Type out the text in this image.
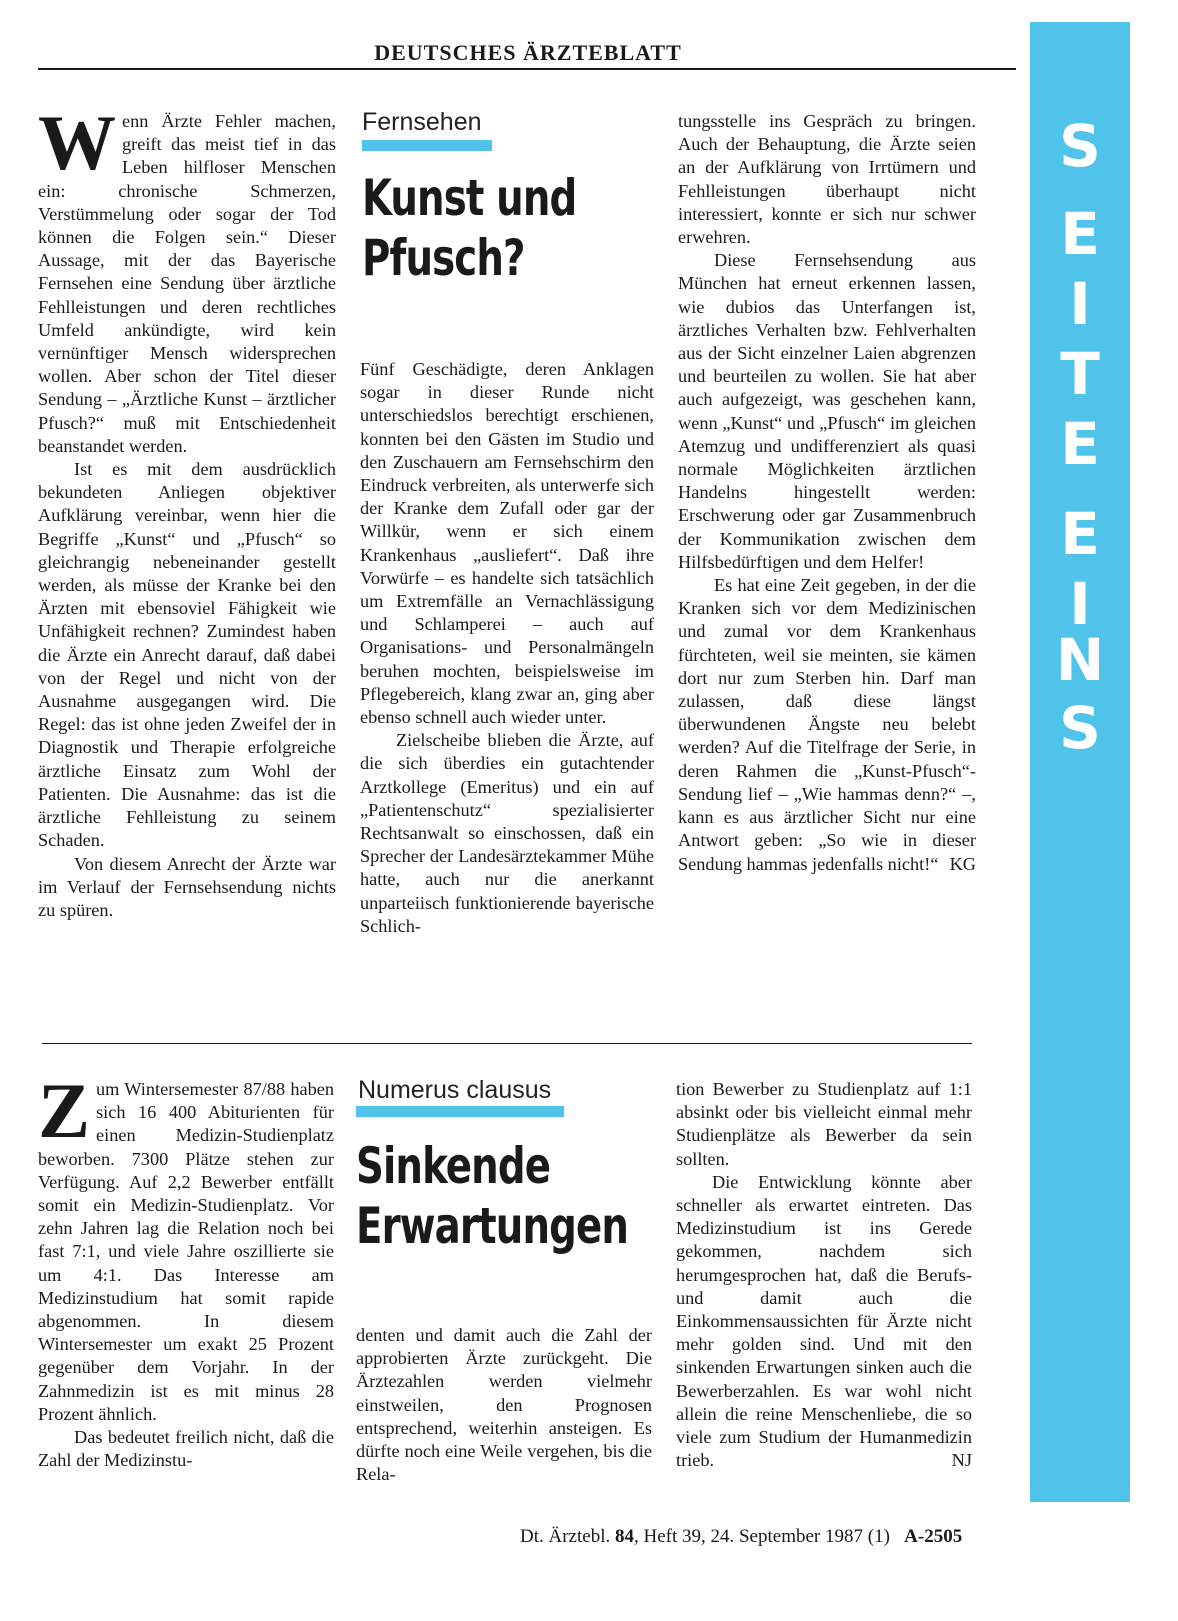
DEUTSCHES ÄRZTEBLATT
S
E
I
T
E
E
I
N
S
W enn Ärzte Fehler machen, greift das meist tief in das Leben hilfloser Menschen ein: chronische Schmerzen, Verstümmelung oder sogar der Tod können die Folgen sein.“ Dieser Aussage, mit der das Bayerische Fernsehen eine Sendung über ärztliche Fehlleistungen und deren rechtliches Umfeld ankündigte, wird kein vernünftiger Mensch widersprechen wollen. Aber schon der Titel dieser Sendung – „Ärztliche Kunst – ärztlicher Pfusch?“ muß mit Entschiedenheit beanstandet werden.

Ist es mit dem ausdrücklich bekundeten Anliegen objektiver Aufklärung vereinbar, wenn hier die Begriffe „Kunst“ und „Pfusch“ so gleichrangig nebeneinander gestellt werden, als müsse der Kranke bei den Ärzten mit ebensoviel Fähigkeit wie Unfähigkeit rechnen? Zumindest haben die Ärzte ein Anrecht darauf, daß dabei von der Regel und nicht von der Ausnahme ausgegangen wird. Die Regel: das ist ohne jeden Zweifel der in Diagnostik und Therapie erfolgreiche ärztliche Einsatz zum Wohl der Patienten. Die Ausnahme: das ist die ärztliche Fehlleistung zu seinem Schaden.

Von diesem Anrecht der Ärzte war im Verlauf der Fernsehsendung nichts zu spüren.

Fernsehen
Kunst und
Pfusch?

Fünf Geschädigte, deren Anklagen sogar in dieser Runde nicht unterschiedslos berechtigt erschienen, konnten bei den Gästen im Studio und den Zuschauern am Fernsehschirm den Eindruck verbreiten, als unterwerfe sich der Kranke dem Zufall oder gar der Willkür, wenn er sich einem Krankenhaus „ausliefert“. Daß ihre Vorwürfe – es handelte sich tatsächlich um Extremfälle an Vernachlässigung und Schlamperei – auch auf Organisations- und Personalmängeln beruhen mochten, beispielsweise im Pflegebereich, klang zwar an, ging aber ebenso schnell auch wieder unter.

Zielscheibe blieben die Ärzte, auf die sich überdies ein gutachtender Arztkollege (Emeritus) und ein auf „Patientenschutz“ spezialisierter Rechtsanwalt so einschossen, daß ein Sprecher der Landesärztekammer Mühe hatte, auch nur die anerkannt unparteiisch funktionierende bayerische Schlich-

tungsstelle ins Gespräch zu bringen. Auch der Behauptung, die Ärzte seien an der Aufklärung von Irrtümern und Fehlleistungen überhaupt nicht interessiert, konnte er sich nur schwer erwehren.

Diese Fernsehsendung aus München hat erneut erkennen lassen, wie dubios das Unterfangen ist, ärztliches Verhalten bzw. Fehlverhalten aus der Sicht einzelner Laien abgrenzen und beurteilen zu wollen. Sie hat aber auch aufgezeigt, was geschehen kann, wenn „Kunst“ und „Pfusch“ im gleichen Atemzug und undifferenziert als quasi normale Möglichkeiten ärztlichen Handelns hingestellt werden: Erschwerung oder gar Zusammenbruch der Kommunikation zwischen dem Hilfsbedürftigen und dem Helfer!

Es hat eine Zeit gegeben, in der die Kranken sich vor dem Medizinischen und zumal vor dem Krankenhaus fürchteten, weil sie meinten, sie kämen dort nur zum Sterben hin. Darf man zulassen, daß diese längst überwundenen Ängste neu belebt werden? Auf die Titelfrage der Serie, in deren Rahmen die „Kunst-Pfusch“-Sendung lief – „Wie hammas denn?“ –, kann es aus ärztlicher Sicht nur eine Antwort geben: „So wie in dieser Sendung hammas jedenfalls nicht!“ KG
Z um Wintersemester 87/88 haben sich 16 400 Abiturienten für einen Medizin-Studienplatz beworben. 7300 Plätze stehen zur Verfügung. Auf 2,2 Bewerber entfällt somit ein Medizin-Studienplatz. Vor zehn Jahren lag die Relation noch bei fast 7:1, und viele Jahre oszillierte sie um 4:1. Das Interesse am Medizinstudium hat somit rapide abgenommen. In diesem Wintersemester um exakt 25 Prozent gegenüber dem Vorjahr. In der Zahnmedizin ist es mit minus 28 Prozent ähnlich.

Das bedeutet freilich nicht, daß die Zahl der Medizinstu-

Numerus clausus
Sinkende
Erwartungen

denten und damit auch die Zahl der approbierten Ärzte zurückgeht. Die Ärztezahlen werden vielmehr einstweilen, den Prognosen entsprechend, weiterhin ansteigen. Es dürfte noch eine Weile vergehen, bis die Rela-

tion Bewerber zu Studienplatz auf 1:1 absinkt oder bis vielleicht einmal mehr Studienplätze als Bewerber da sein sollten.

Die Entwicklung könnte aber schneller als erwartet eintreten. Das Medizinstudium ist ins Gerede gekommen, nachdem sich herumgesprochen hat, daß die Berufs- und damit auch die Einkommensaussichten für Ärzte nicht mehr golden sind. Und mit den sinkenden Erwartungen sinken auch die Bewerberzahlen. Es war wohl nicht allein die reine Menschenliebe, die so viele zum Studium der Humanmedizin trieb.	NJ
Dt. Ärztebl. 84, Heft 39, 24. September 1987 (1) A-2505
